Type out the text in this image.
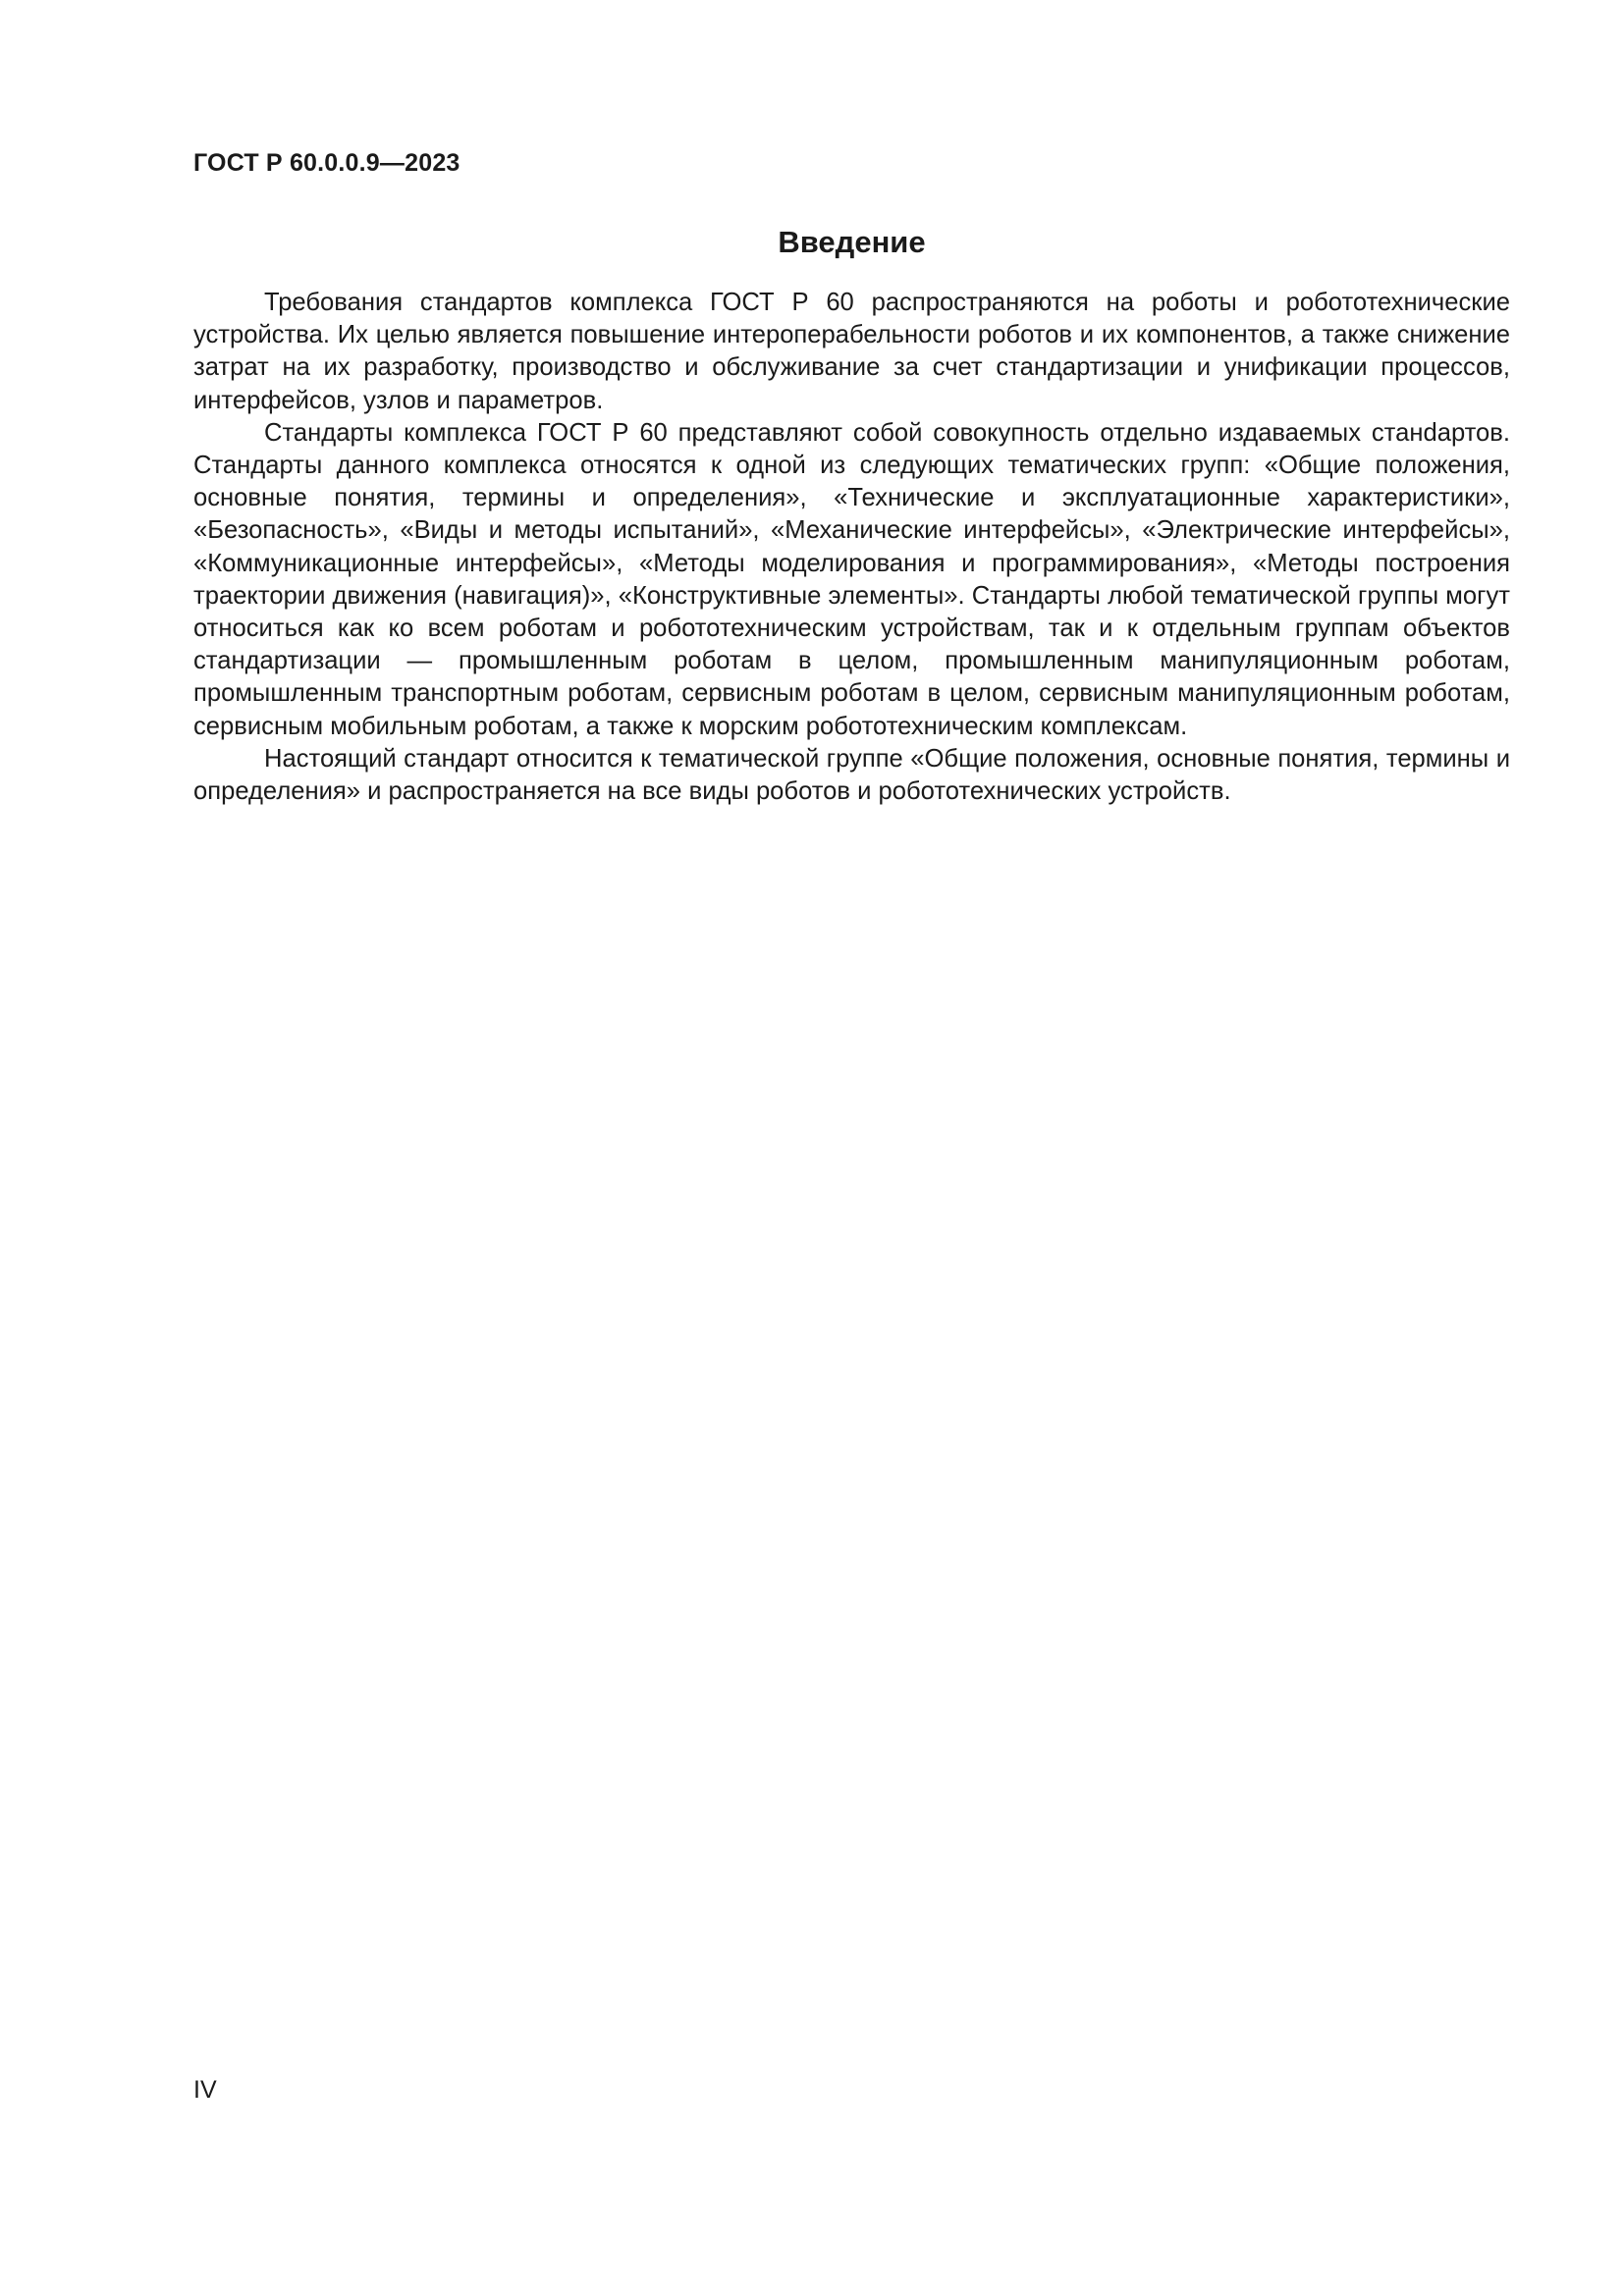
ГОСТ Р 60.0.0.9—2023
Введение

Требования стандартов комплекса ГОСТ Р 60 распространяются на роботы и робототехнические устройства. Их целью является повышение интероперабельности роботов и их компонентов, а также снижение затрат на их разработку, производство и обслуживание за счет стандартизации и унификации процессов, интерфейсов, узлов и параметров.

Стандарты комплекса ГОСТ Р 60 представляют собой совокупность отдельно издаваемых станdартов. Стандарты данного комплекса относятся к одной из следующих тематических групп: «Общие положения, основные понятия, термины и определения», «Технические и эксплуатационные характеристики», «Безопасность», «Виды и методы испытаний», «Механические интерфейсы», «Электрические интерфейсы», «Коммуникационные интерфейсы», «Методы моделирования и программирования», «Методы построения траектории движения (навигация)», «Конструктивные элементы». Стандарты любой тематической группы могут относиться как ко всем роботам и робототехническим устройствам, так и к отдельным группам объектов стандартизации — промышленным роботам в целом, промышленным манипуляционным роботам, промышленным транспортным роботам, сервисным роботам в целом, сервисным манипуляционным роботам, сервисным мобильным роботам, а также к морским робототехническим комплексам.

Настоящий стандарт относится к тематической группе «Общие положения, основные понятия, термины и определения» и распространяется на все виды роботов и робототехнических устройств.

IV
